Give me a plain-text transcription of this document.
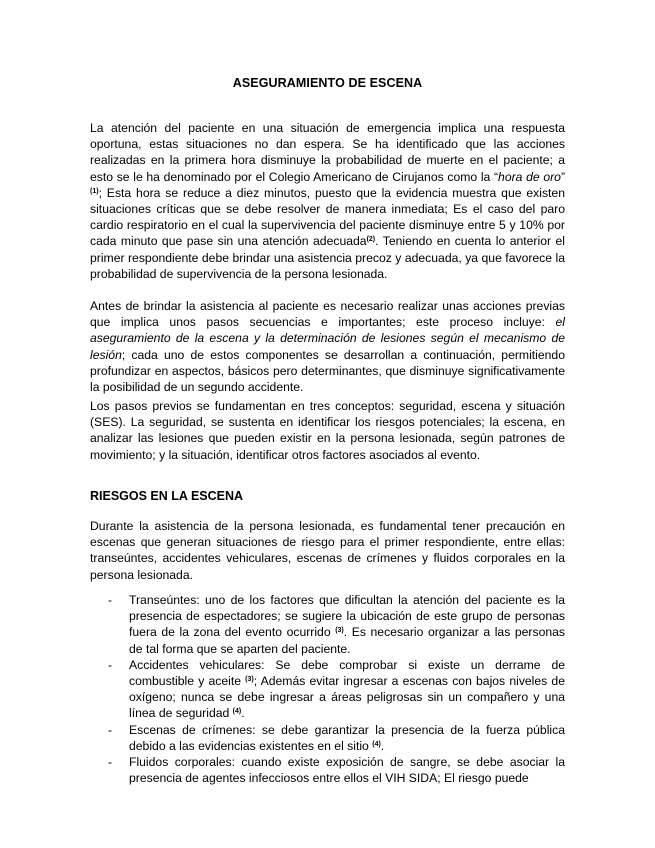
ASEGURAMIENTO DE ESCENA

La atención del paciente en una situación de emergencia implica una respuesta oportuna, estas situaciones no dan espera. Se ha identificado que las acciones realizadas en la primera hora disminuye la probabilidad de muerte en el paciente; a esto se le ha denominado por el Colegio Americano de Cirujanos como la “hora de oro” $^{(1)}$; Esta hora se reduce a diez minutos, puesto que la evidencia muestra que existen situaciones críticas que se debe resolver de manera inmediata; Es el caso del paro cardio respiratorio en el cual la supervivencia del paciente disminuye entre 5 y 10% por cada minuto que pase sin una atención adecuada$^{(2)}$. Teniendo en cuenta lo anterior el primer respondiente debe brindar una asistencia precoz y adecuada, ya que favorece la probabilidad de supervivencia de la persona lesionada.

Antes de brindar la asistencia al paciente es necesario realizar unas acciones previas que implica unos pasos secuencias e importantes; este proceso incluye: el aseguramiento de la escena y la determinación de lesiones según el mecanismo de lesión; cada uno de estos componentes se desarrollan a continuación, permitiendo profundizar en aspectos, básicos pero determinantes, que disminuye significativamente la posibilidad de un segundo accidente.

Los pasos previos se fundamentan en tres conceptos: seguridad, escena y situación (SES). La seguridad, se sustenta en identificar los riesgos potenciales; la escena, en analizar las lesiones que pueden existir en la persona lesionada, según patrones de movimiento; y la situación, identificar otros factores asociados al evento.

RIESGOS EN LA ESCENA

Durante la asistencia de la persona lesionada, es fundamental tener precaución en escenas que generan situaciones de riesgo para el primer respondiente, entre ellas: transeúntes, accidentes vehiculares, escenas de crímenes y fluidos corporales en la persona lesionada.

- Transeúntes: uno de los factores que dificultan la atención del paciente es la presencia de espectadores; se sugiere la ubicación de este grupo de personas fuera de la zona del evento ocurrido $^{(3)}$. Es necesario organizar a las personas de tal forma que se aparten del paciente.
- Accidentes vehiculares: Se debe comprobar si existe un derrame de combustible y aceite $^{(3)}$; Además evitar ingresar a escenas con bajos niveles de oxígeno; nunca se debe ingresar a áreas peligrosas sin un compañero y una línea de seguridad $^{(4)}$.
- Escenas de crímenes: se debe garantizar la presencia de la fuerza pública debido a las evidencias existentes en el sitio $^{(4)}$.
- Fluidos corporales: cuando existe exposición de sangre, se debe asociar la presencia de agentes infecciosos entre ellos el VIH SIDA; El riesgo puede
